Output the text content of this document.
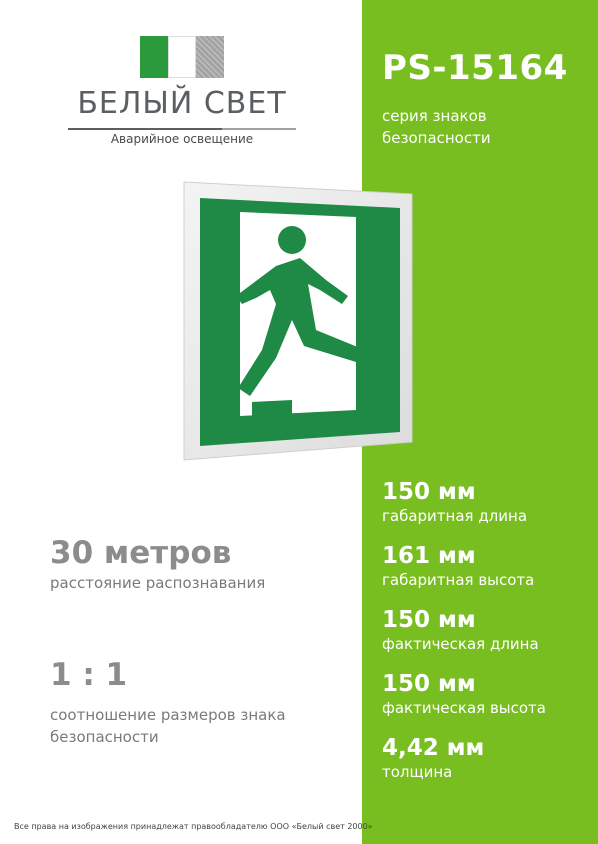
БЕЛЫЙ СВЕТ
Аварийное освещение
PS-15164
серия знаков
безопасности
150 мм
габаритная длина
161 мм
габаритная высота
150 мм
фактическая длина
150 мм
фактическая высота
4,42 мм
толщина
30 метров
расстояние распознавания
1 : 1
соотношение размеров знака
безопасности
Все права на изображения принадлежат правообладателю ООО «Белый свет 2000»
